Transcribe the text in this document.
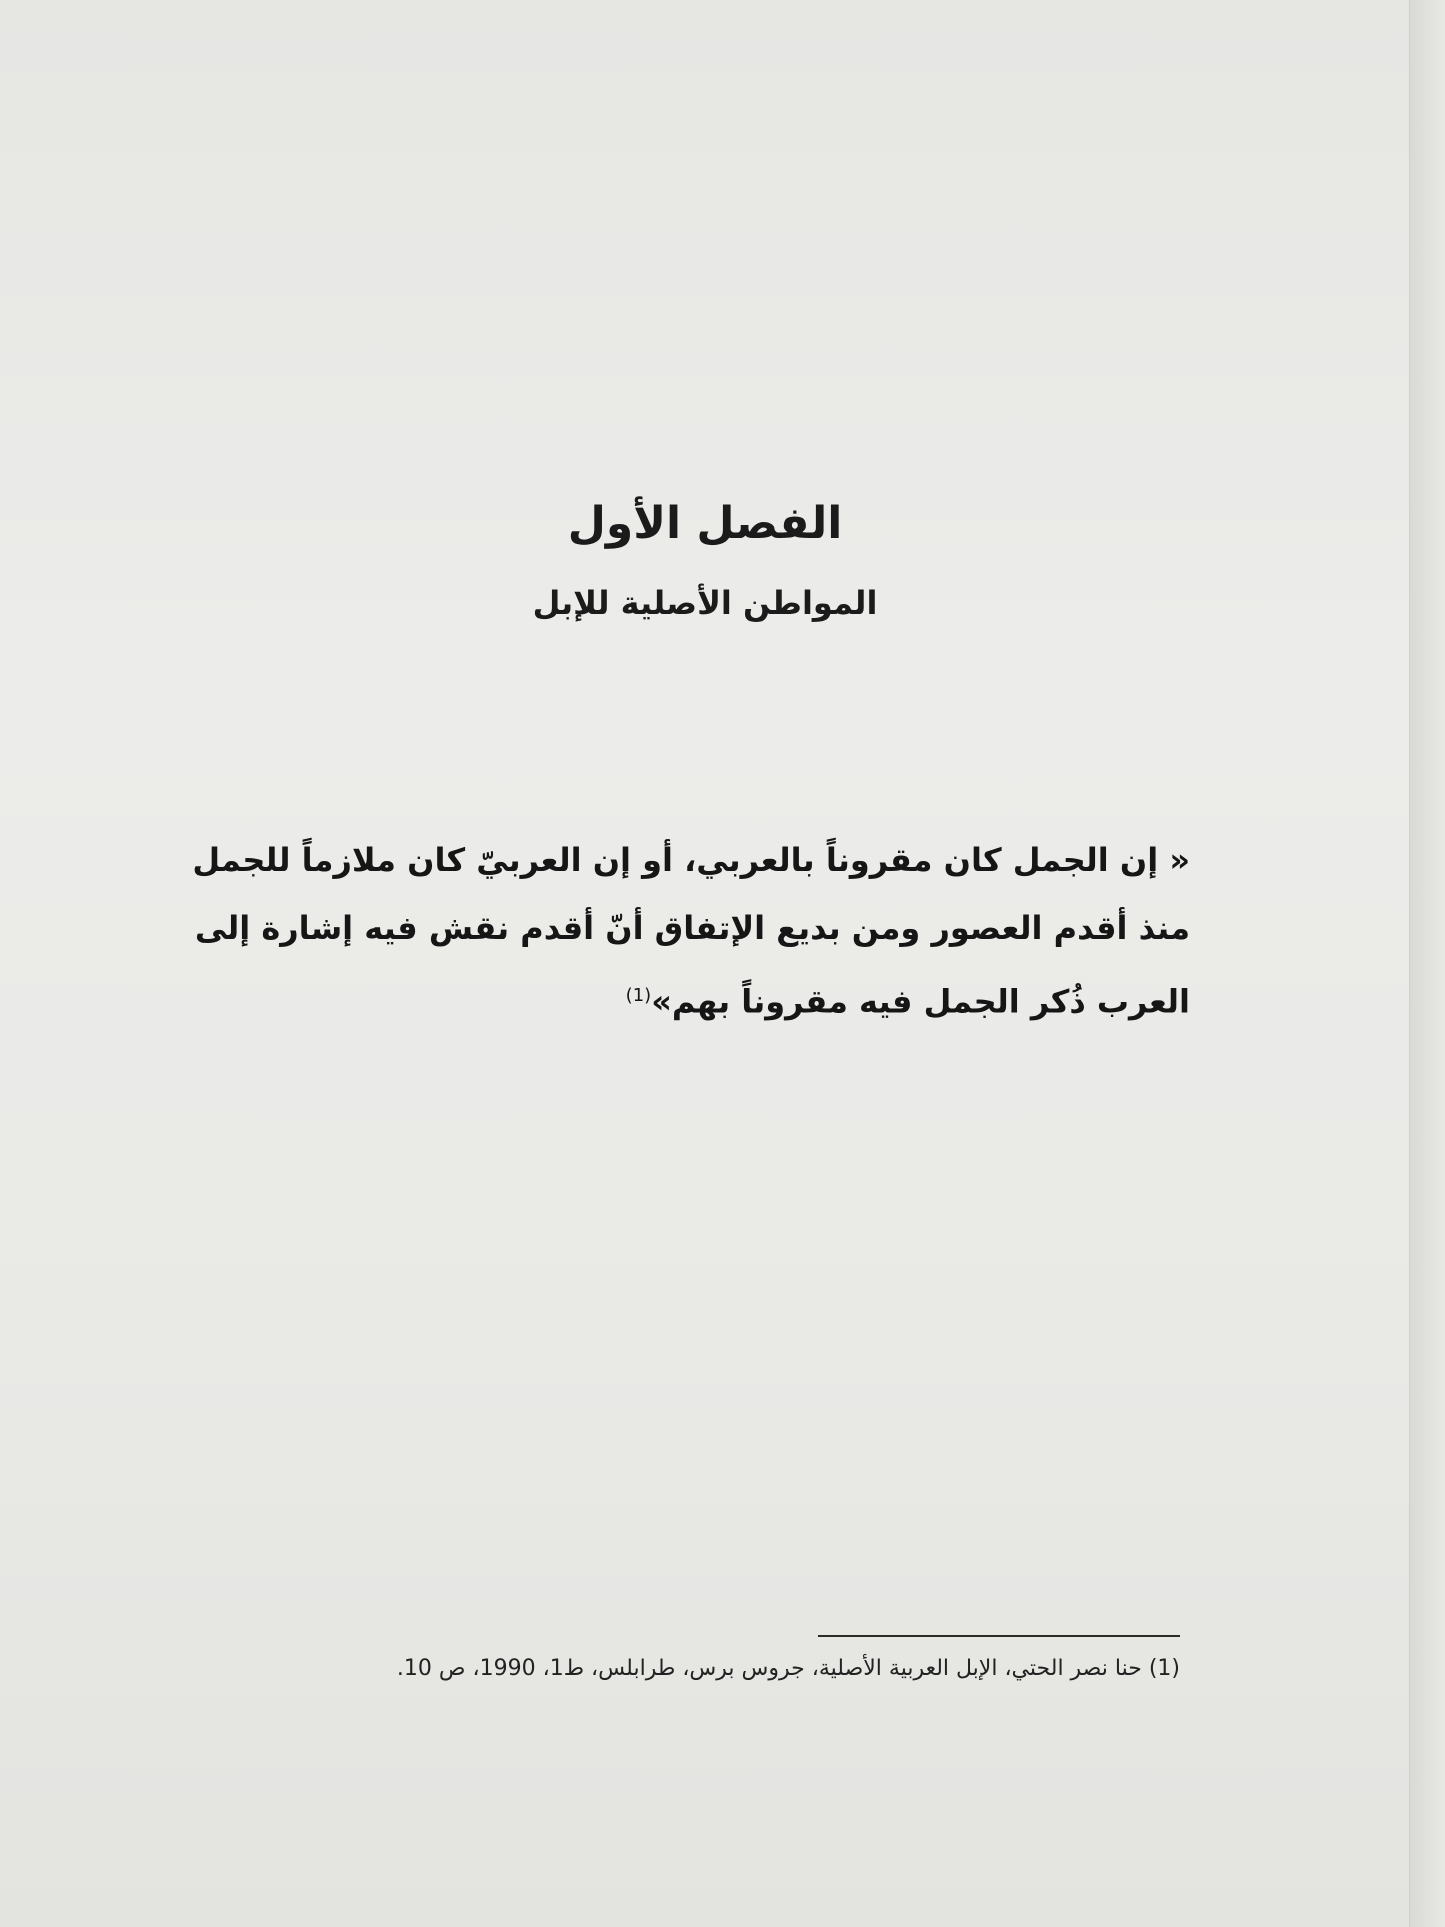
الفصل الأول
المواطن الأصلية للإبل
« إن الجمل كان مقروناً بالعربي، أو إن العربيّ كان ملازماً للجمل
منذ أقدم العصور ومن بديع الإتفاق أنّ أقدم نقش فيه إشارة إلى
العرب ذُكر الجمل فيه مقروناً بهم»$^{(1)}$
(1) حنا نصر الحتي، الإبل العربية الأصلية، جروس برس، طرابلس، ط1، 1990، ص 10.
